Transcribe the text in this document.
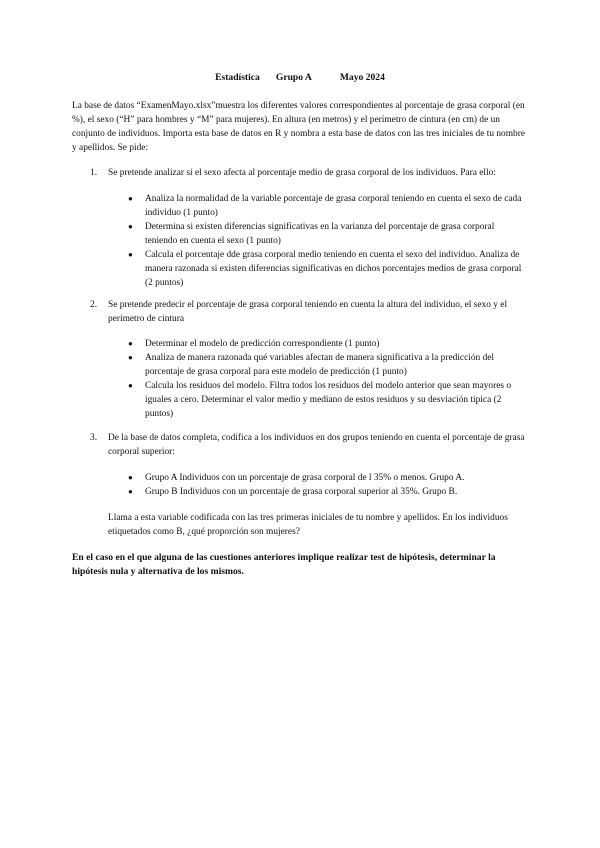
Estadística Grupo A	Mayo 2024

La base de datos “ExamenMayo.xlsx”muestra los diferentes valores correspondientes al porcentaje de grasa corporal (en %), el sexo (“H” para hombres y “M” para mujeres). En altura (en metros) y el perímetro de cintura (en cm) de un conjunto de individuos. Importa esta base de datos en R y nombra a esta base de datos con las tres iniciales de tu nombre y apellidos. Se pide:

1. Se pretende analizar si el sexo afecta al porcentaje medio de grasa corporal de los individuos. Para ello:
● Analiza la normalidad de la variable porcentaje de grasa corporal teniendo en cuenta el sexo de cada individuo (1 punto)
● Determina si existen diferencias significativas en la varianza del porcentaje de grasa corporal teniendo en cuenta el sexo (1 punto)
● Calcula el porcentaje dde grasa corporal medio teniendo en cuenta el sexo del individuo. Analiza de manera razonada si existen diferencias significativas en dichos porcentajes medios de grasa corporal (2 puntos)
2. Se pretende predecir el porcentaje de grasa corporal teniendo en cuenta la altura del individuo, el sexo y el perímetro de cintura
● Determinar el modelo de predicción correspondiente (1 punto)
● Analiza de manera razonada qué variables afectan de manera significativa a la predicción del porcentaje de grasa corporal para este modelo de predicción (1 punto)
● Calcula los residuos del modelo. Filtra todos los residuos del modelo anterior que sean mayores o iguales a cero. Determinar el valor medio y mediano de estos residuos y su desviación típica (2 puntos)
3. De la base de datos completa, codifica a los individuos en dos grupos teniendo en cuenta el porcentaje de grasa corporal superior:
● Grupo A Individuos con un porcentaje de grasa corporal de l 35% o menos. Grupo A.
● Grupo B Individuos con un porcentaje de grasa corporal superior al 35%. Grupo B.

Llama a esta variable codificada con las tres primeras iniciales de tu nombre y apellidos. En los individuos etiquetados como B, ¿qué proporción son mujeres?

En el caso en el que alguna de las cuestiones anteriores implique realizar test de hipótesis, determinar la hipótesis nula y alternativa de los mismos.
